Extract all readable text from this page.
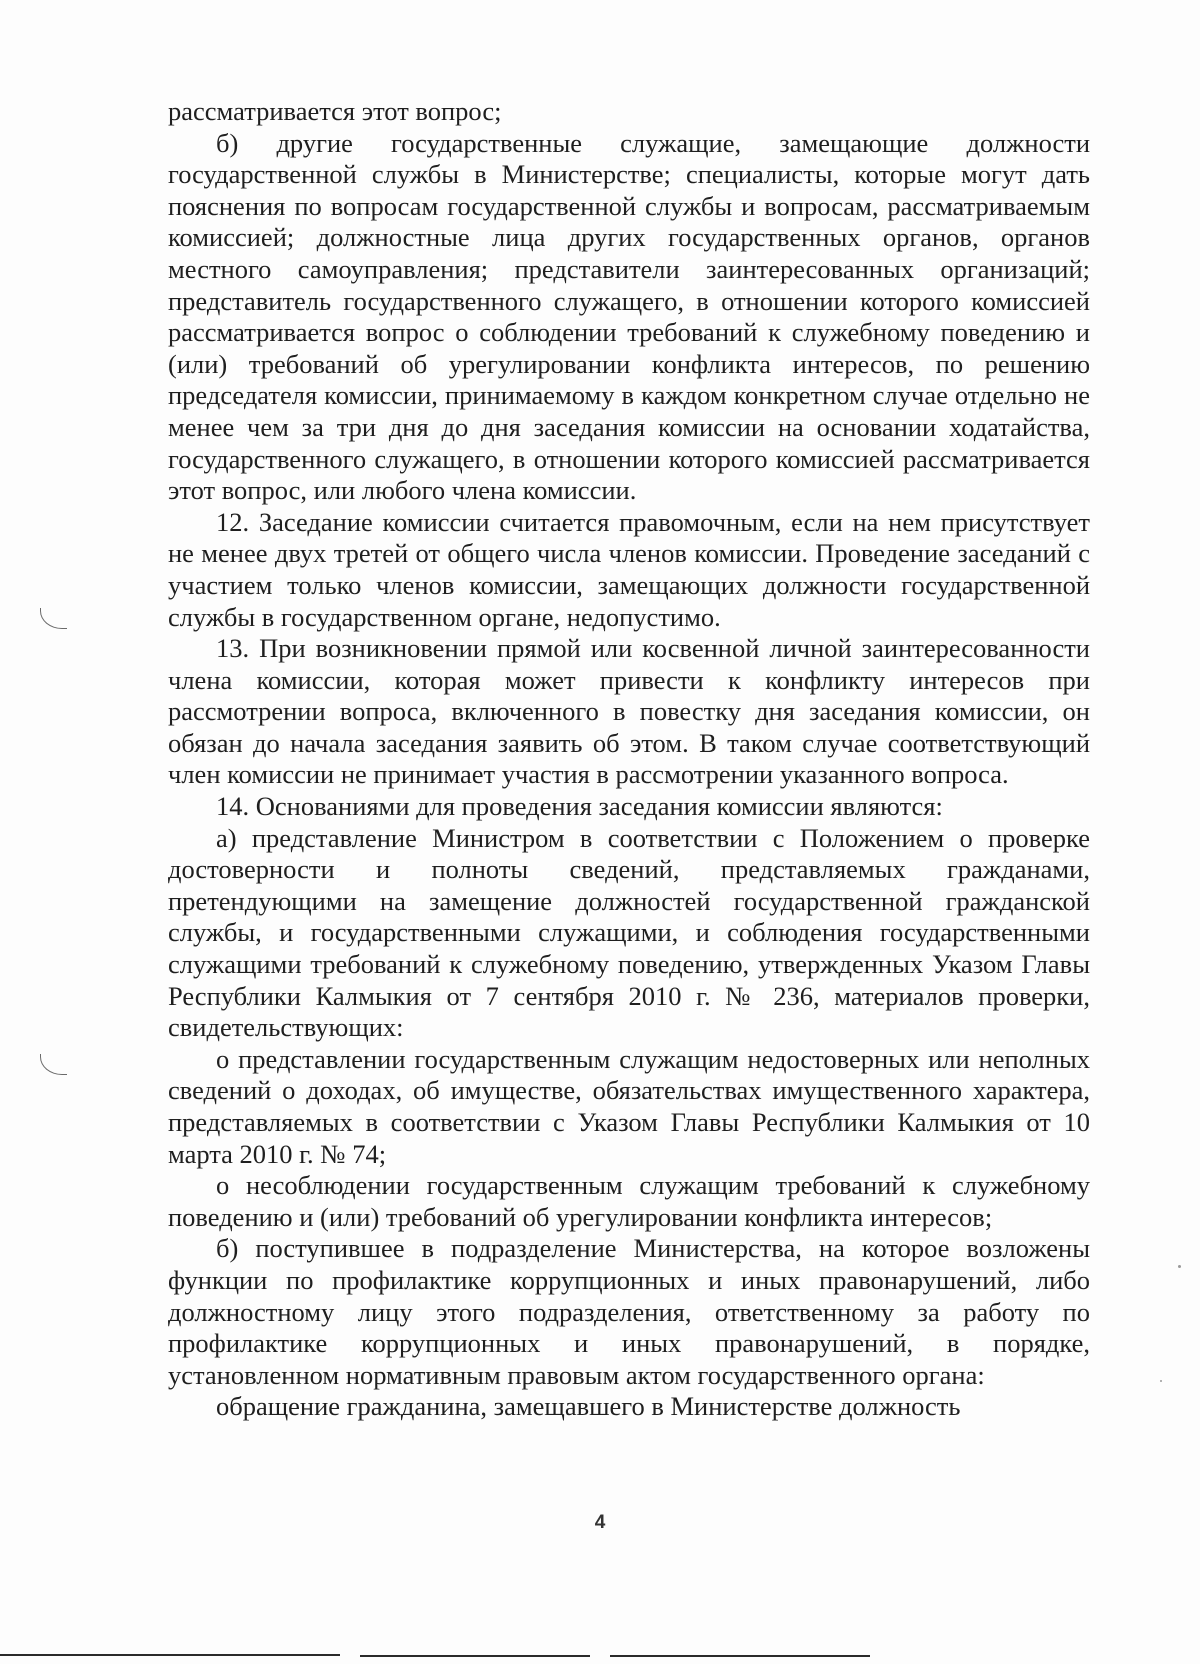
рассматривается этот вопрос;

б) другие государственные служащие, замещающие должности государственной службы в Министерстве; специалисты, которые могут дать пояснения по вопросам государственной службы и вопросам, рассматриваемым комиссией; должностные лица других государственных органов, органов местного самоуправления; представители заинтересованных организаций; представитель государственного служащего, в отношении которого комиссией рассматривается вопрос о соблюдении требований к служебному поведению и (или) требований об урегулировании конфликта интересов, по решению председателя комиссии, принимаемому в каждом конкретном случае отдельно не менее чем за три дня до дня заседания комиссии на основании ходатайства, государственного служащего, в отношении которого комиссией рассматривается этот вопрос, или любого члена комиссии.

12. Заседание комиссии считается правомочным, если на нем присутствует не менее двух третей от общего числа членов комиссии. Проведение заседаний с участием только членов комиссии, замещающих должности государственной службы в государственном органе, недопустимо.

13. При возникновении прямой или косвенной личной заинтересованности члена комиссии, которая может привести к конфликту интересов при рассмотрении вопроса, включенного в повестку дня заседания комиссии, он обязан до начала заседания заявить об этом. В таком случае соответствующий член комиссии не принимает участия в рассмотрении указанного вопроса.

14. Основаниями для проведения заседания комиссии являются:

а) представление Министром в соответствии с Положением о проверке достоверности и полноты сведений, представляемых гражданами, претендующими на замещение должностей государственной гражданской службы, и государственными служащими, и соблюдения государственными служащими требований к служебному поведению, утвержденных Указом Главы Республики Калмыкия от 7 сентября 2010 г. № 236, материалов проверки, свидетельствующих:

о представлении государственным служащим недостоверных или неполных сведений о доходах, об имуществе, обязательствах имущественного характера, представляемых в соответствии с Указом Главы Республики Калмыкия от 10 марта 2010 г. № 74;

о несоблюдении государственным служащим требований к служебному поведению и (или) требований об урегулировании конфликта интересов;

б) поступившее в подразделение Министерства, на которое возложены функции по профилактике коррупционных и иных правонарушений, либо должностному лицу этого подразделения, ответственному за работу по профилактике коррупционных и иных правонарушений, в порядке, установленном нормативным правовым актом государственного органа:

обращение гражданина, замещавшего в Министерстве должность

4
